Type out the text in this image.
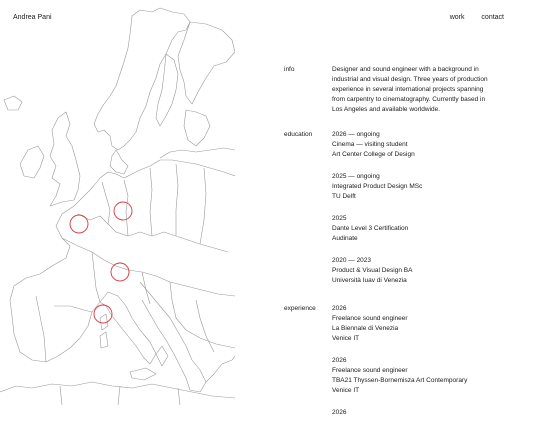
Andrea Pani	work contact
info	Designer and sound engineer with a background in
industrial and visual design. Three years of production
experience in several international projects spanning
from carpentry to cinematography. Currently based in
Los Angeles and available worldwide.
education	2026 — ongoing
Cinema — visiting student
Art Center College of Design
2025 — ongoing
Integrated Product Design MSc
TU Delft
2025
Dante Level 3 Certification
Audinate
2020 — 2023
Product & Visual Design BA
Università Iuav di Venezia
experience 2026
Freelance sound engineer
La Biennale di Venezia
Venice IT
2026
Freelance sound engineer
TBA21 Thyssen-Bornemisza Art Contemporary
Venice IT
2026
